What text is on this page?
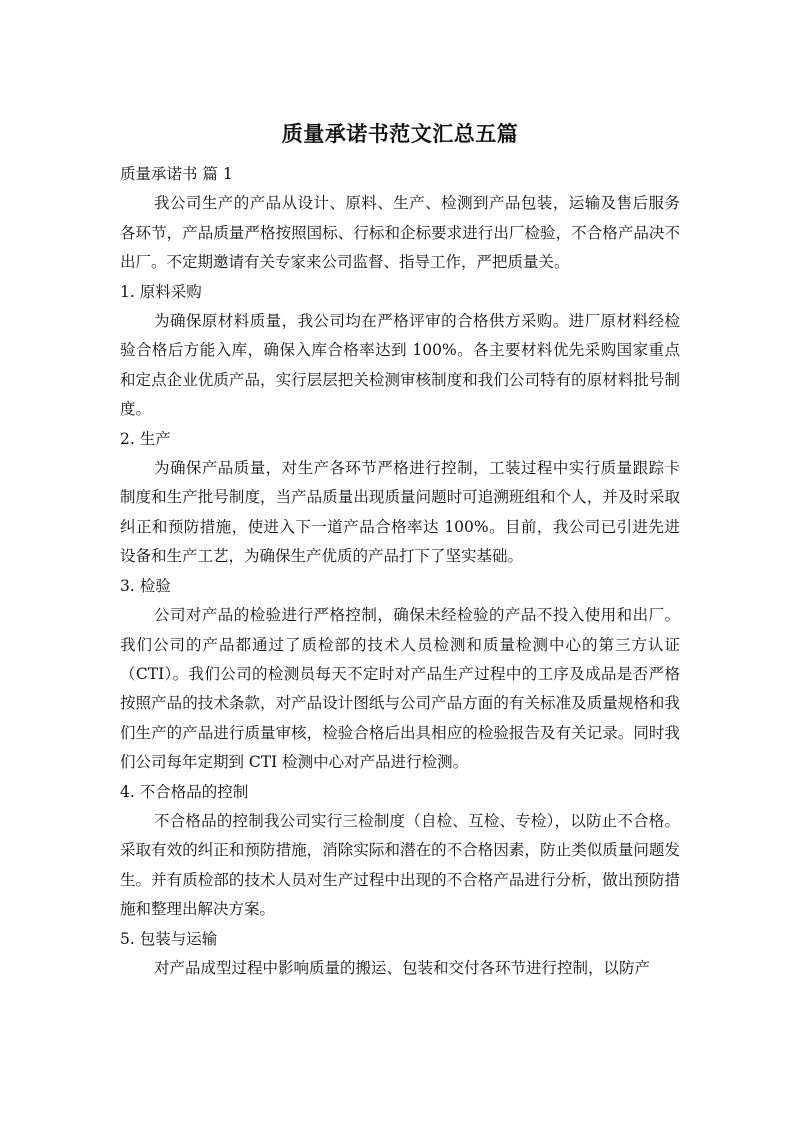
质量承诺书范文汇总五篇

质量承诺书 篇 1

我公司生产的产品从设计、原料、生产、检测到产品包装，运输及售后服务各环节，产品质量严格按照国标、行标和企标要求进行出厂检验，不合格产品决不出厂。不定期邀请有关专家来公司监督、指导工作，严把质量关。

1. 原料采购

为确保原材料质量，我公司均在严格评审的合格供方采购。进厂原材料经检验合格后方能入库，确保入库合格率达到 100%。各主要材料优先采购国家重点和定点企业优质产品，实行层层把关检测审核制度和我们公司特有的原材料批号制度。

2. 生产

为确保产品质量，对生产各环节严格进行控制，工装过程中实行质量跟踪卡制度和生产批号制度，当产品质量出现质量问题时可追溯班组和个人，并及时采取纠正和预防措施，使进入下一道产品合格率达 100%。目前，我公司已引进先进设备和生产工艺，为确保生产优质的产品打下了坚实基础。

3. 检验

公司对产品的检验进行严格控制，确保未经检验的产品不投入使用和出厂。我们公司的产品都通过了质检部的技术人员检测和质量检测中心的第三方认证（CTI）。我们公司的检测员每天不定时对产品生产过程中的工序及成品是否严格按照产品的技术条款，对产品设计图纸与公司产品方面的有关标准及质量规格和我们生产的产品进行质量审核，检验合格后出具相应的检验报告及有关记录。同时我们公司每年定期到 CTI 检测中心对产品进行检测。

4. 不合格品的控制

不合格品的控制我公司实行三检制度（自检、互检、专检），以防止不合格。采取有效的纠正和预防措施，消除实际和潜在的不合格因素，防止类似质量问题发生。并有质检部的技术人员对生产过程中出现的不合格产品进行分析，做出预防措施和整理出解决方案。

5. 包装与运输

对产品成型过程中影响质量的搬运、包装和交付各环节进行控制，以防产
